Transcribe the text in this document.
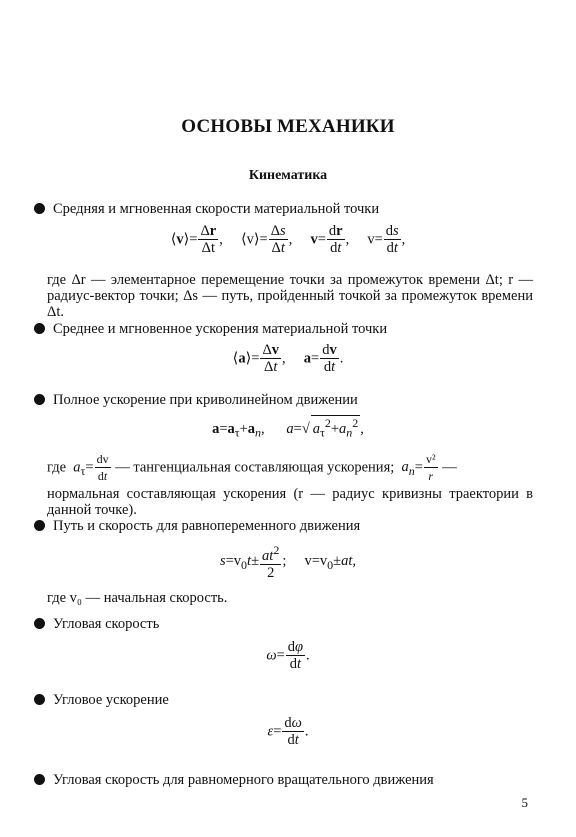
ОСНОВЫ МЕХАНИКИ
Кинематика
Средняя и мгновенная скорости материальной точки
⟨v⟩= $\frac{\Delta r}{\Delta t}$ ,     ⟨v⟩= $\frac{\Delta s}{\Delta t}$ ,     $v= \frac{dr}{dt}$ ,     $v= \frac{ds}{dt}$ ,
где Δr — элементарное перемещение точки за промежуток времени Δt; r — радиус-вектор точки; Δs — путь, пройденный точкой за промежуток времени Δt.
Среднее и мгновенное ускорения материальной точки
⟨a⟩= $\frac{\Delta v}{\Delta t}$ ,     $a= \frac{dv}{dt}$ .
Полное ускорение при криволинейном движении
$a=a_\tau+a_n$,      a=√ $a_\tau^2+a_n^2$ ,
где $a_\tau= \frac{dv}{dt}$ — тангенциальная составляющая ускорения; $a_n= \frac{\text{v²}}{r}$ —
нормальная составляющая ускорения (r — радиус кривизны траектории в данной точке).
Путь и скорость для равнопеременного движения
$s=v_0t\pm \frac{at^2}{2}$ ;     $v=v_0\pm at$,
где v₀ — начальная скорость.
Угловая скорость
$\omega= \frac{d\varphi}{dt}$ .
Угловое ускорение
$\varepsilon= \frac{d\omega}{dt}$ .
Угловая скорость для равномерного вращательного движения
5
